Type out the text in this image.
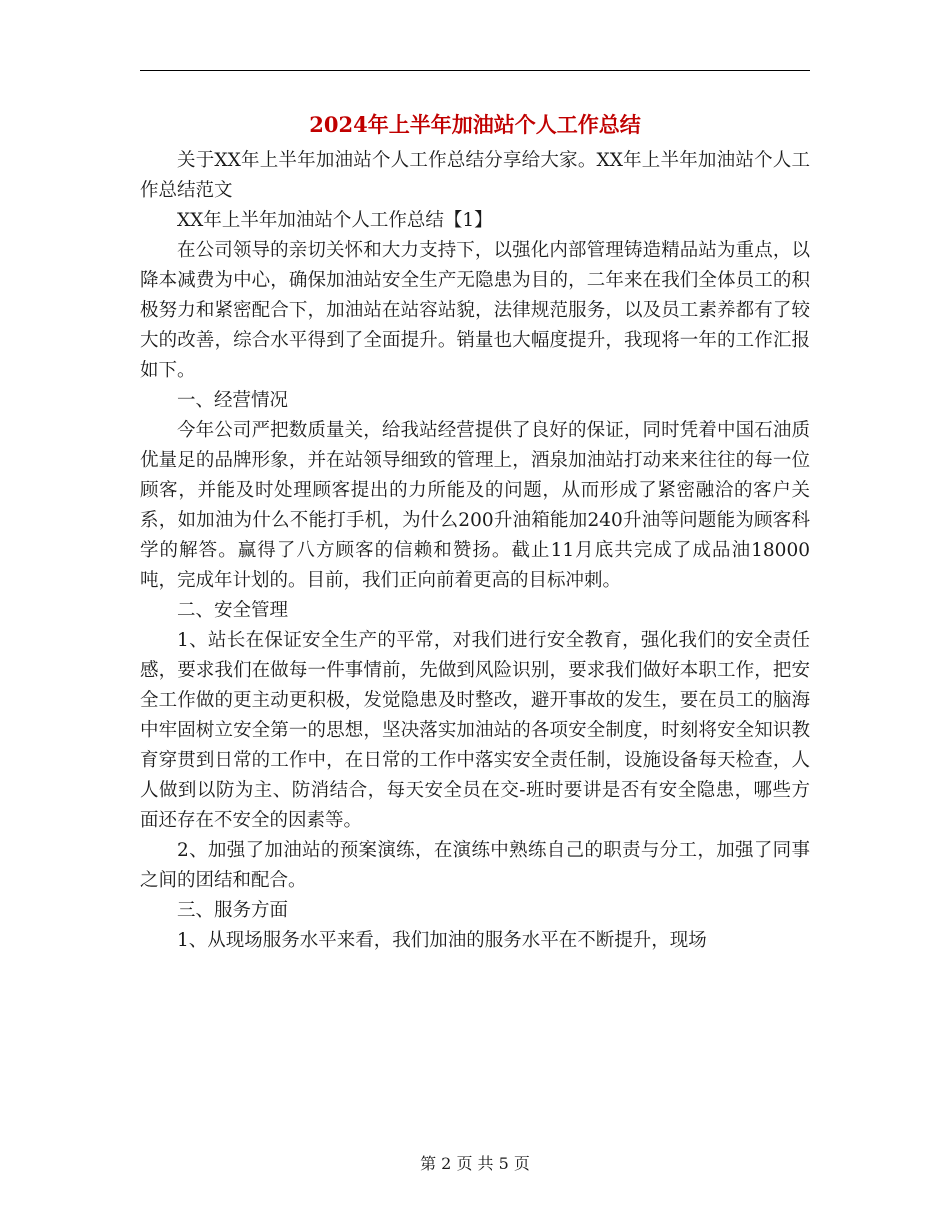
2024年上半年加油站个人工作总结

关于XX年上半年加油站个人工作总结分享给大家。XX年上半年加油站个人工作总结范文

XX年上半年加油站个人工作总结【1】

在公司领导的亲切关怀和大力支持下，以强化内部管理铸造精品站为重点，以降本减费为中心，确保加油站安全生产无隐患为目的，二年来在我们全体员工的积极努力和紧密配合下，加油站在站容站貌，法律规范服务，以及员工素养都有了较大的改善，综合水平得到了全面提升。销量也大幅度提升，我现将一年的工作汇报如下。

一、经营情况

今年公司严把数质量关，给我站经营提供了良好的保证，同时凭着中国石油质优量足的品牌形象，并在站领导细致的管理上，酒泉加油站打动来来往往的每一位顾客，并能及时处理顾客提出的力所能及的问题，从而形成了紧密融洽的客户关系，如加油为什么不能打手机，为什么200升油箱能加240升油等问题能为顾客科学的解答。赢得了八方顾客的信赖和赞扬。截止11月底共完成了成品油18000吨，完成年计划的。目前，我们正向前着更高的目标冲刺。

二、安全管理

1、站长在保证安全生产的平常，对我们进行安全教育，强化我们的安全责任感，要求我们在做每一件事情前，先做到风险识别，要求我们做好本职工作，把安全工作做的更主动更积极，发觉隐患及时整改，避开事故的发生，要在员工的脑海中牢固树立安全第一的思想，坚决落实加油站的各项安全制度，时刻将安全知识教育穿贯到日常的工作中，在日常的工作中落实安全责任制，设施设备每天检查，人人做到以防为主、防消结合，每天安全员在交-班时要讲是否有安全隐患，哪些方面还存在不安全的因素等。

2、加强了加油站的预案演练，在演练中熟练自己的职责与分工，加强了同事之间的团结和配合。

三、服务方面

1、从现场服务水平来看，我们加油的服务水平在不断提升，现场

第 2 页 共 5 页
